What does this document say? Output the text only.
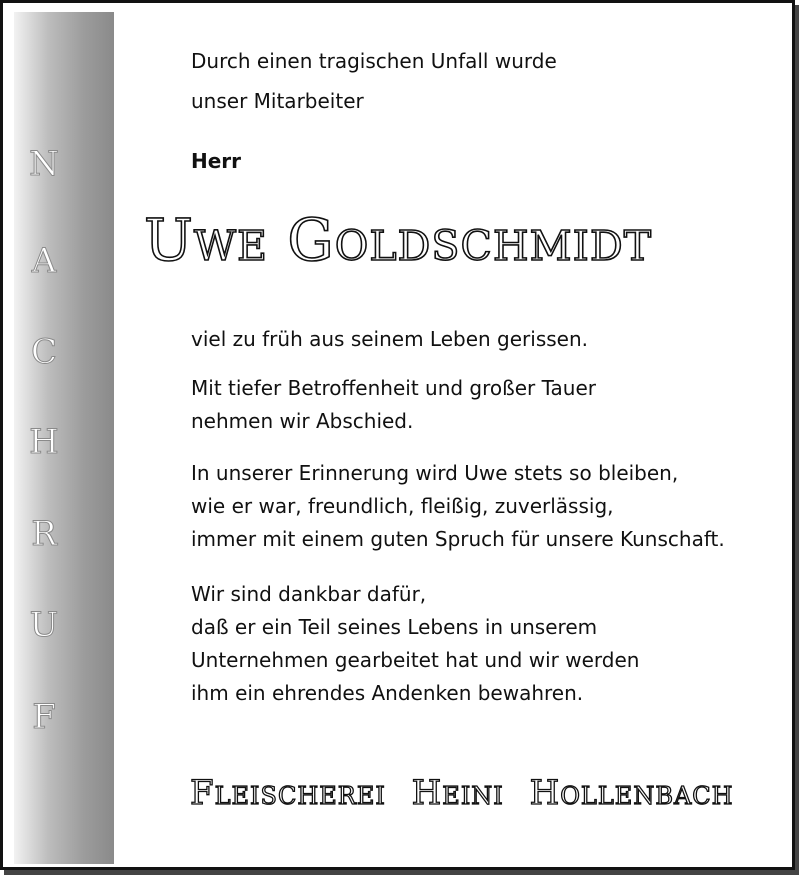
N
A
C
H
R
U
F
Durch einen tragischen Unfall wurde
unser Mitarbeiter
Herr
Uwe Goldschmidt
viel zu früh aus seinem Leben gerissen.
Mit tiefer Betroffenheit und großer Tauer
nehmen wir Abschied.
In unserer Erinnerung wird Uwe stets so bleiben,
wie er war, freundlich, fleißig, zuverlässig,
immer mit einem guten Spruch für unsere Kunschaft.
Wir sind dankbar dafür,
daß er ein Teil seines Lebens in unserem
Unternehmen gearbeitet hat und wir werden
ihm ein ehrendes Andenken bewahren.
Fleischerei Heini Hollenbach
